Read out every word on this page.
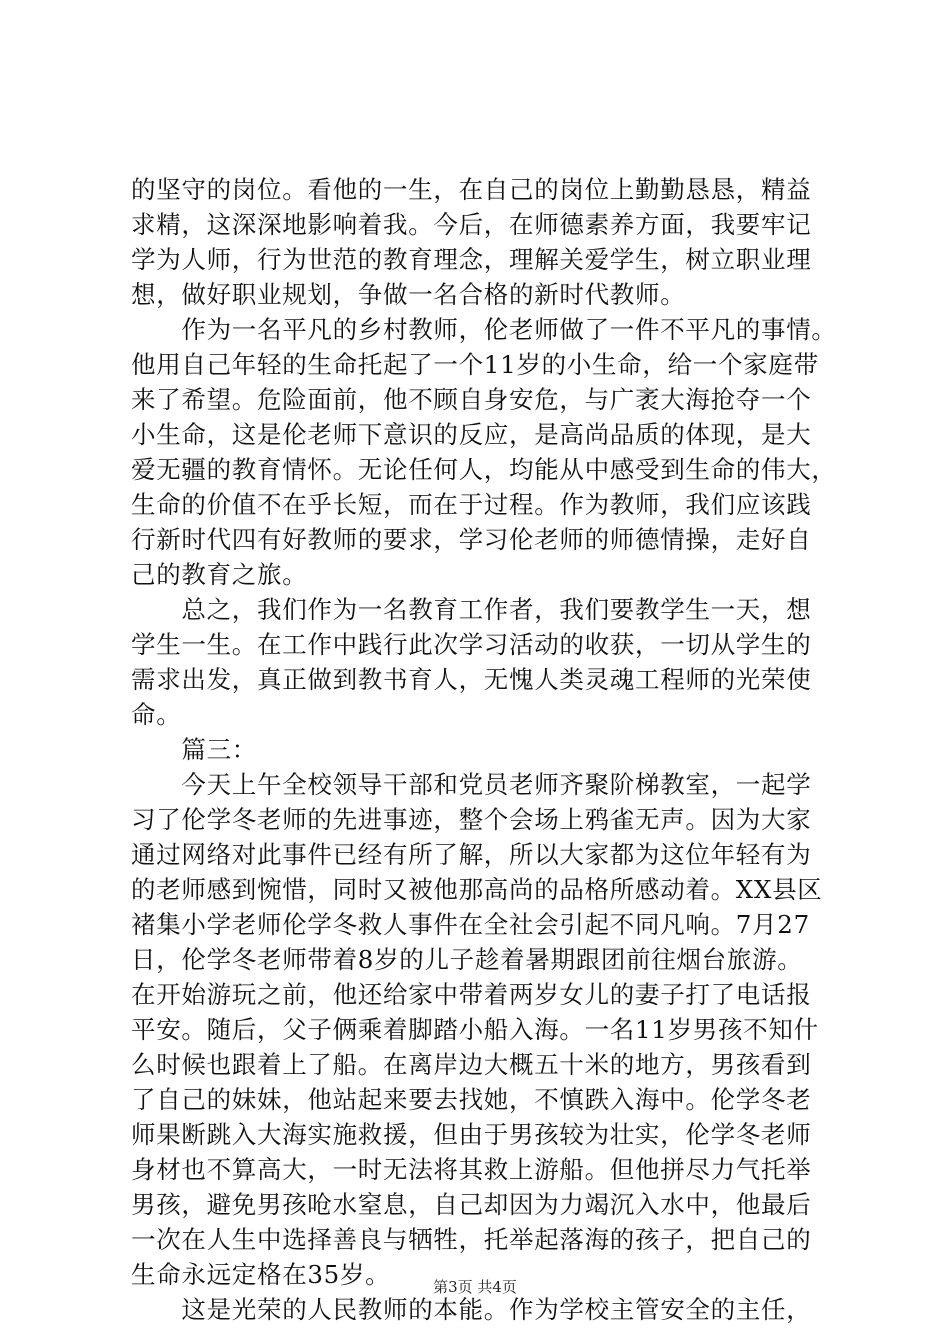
的坚守的岗位。看他的一生，在自己的岗位上勤勤恳恳，精益
求精，这深深地影响着我。今后，在师德素养方面，我要牢记
学为人师，行为世范的教育理念，理解关爱学生，树立职业理
想，做好职业规划，争做一名合格的新时代教师。
　　作为一名平凡的乡村教师，伦老师做了一件不平凡的事情。
他用自己年轻的生命托起了一个11岁的小生命，给一个家庭带
来了希望。危险面前，他不顾自身安危，与广袤大海抢夺一个
小生命，这是伦老师下意识的反应，是高尚品质的体现，是大
爱无疆的教育情怀。无论任何人，均能从中感受到生命的伟大，
生命的价值不在乎长短，而在于过程。作为教师，我们应该践
行新时代四有好教师的要求，学习伦老师的师德情操，走好自
己的教育之旅。
　　总之，我们作为一名教育工作者，我们要教学生一天，想
学生一生。在工作中践行此次学习活动的收获，一切从学生的
需求出发，真正做到教书育人，无愧人类灵魂工程师的光荣使
命。
　　篇三：
　　今天上午全校领导干部和党员老师齐聚阶梯教室，一起学
习了伦学冬老师的先进事迹，整个会场上鸦雀无声。因为大家
通过网络对此事件已经有所了解，所以大家都为这位年轻有为
的老师感到惋惜，同时又被他那高尚的品格所感动着。XX县区
褚集小学老师伦学冬救人事件在全社会引起不同凡响。7月27
日，伦学冬老师带着8岁的儿子趁着暑期跟团前往烟台旅游。
在开始游玩之前，他还给家中带着两岁女儿的妻子打了电话报
平安。随后，父子俩乘着脚踏小船入海。一名11岁男孩不知什
么时候也跟着上了船。在离岸边大概五十米的地方，男孩看到
了自己的妹妹，他站起来要去找她，不慎跌入海中。伦学冬老
师果断跳入大海实施救援，但由于男孩较为壮实，伦学冬老师
身材也不算高大，一时无法将其救上游船。但他拼尽力气托举
男孩，避免男孩呛水窒息，自己却因为力竭沉入水中，他最后
一次在人生中选择善良与牺牲，托举起落海的孩子，把自己的
生命永远定格在35岁。
　　这是光荣的人民教师的本能。作为学校主管安全的主任，
第3页 共4页
